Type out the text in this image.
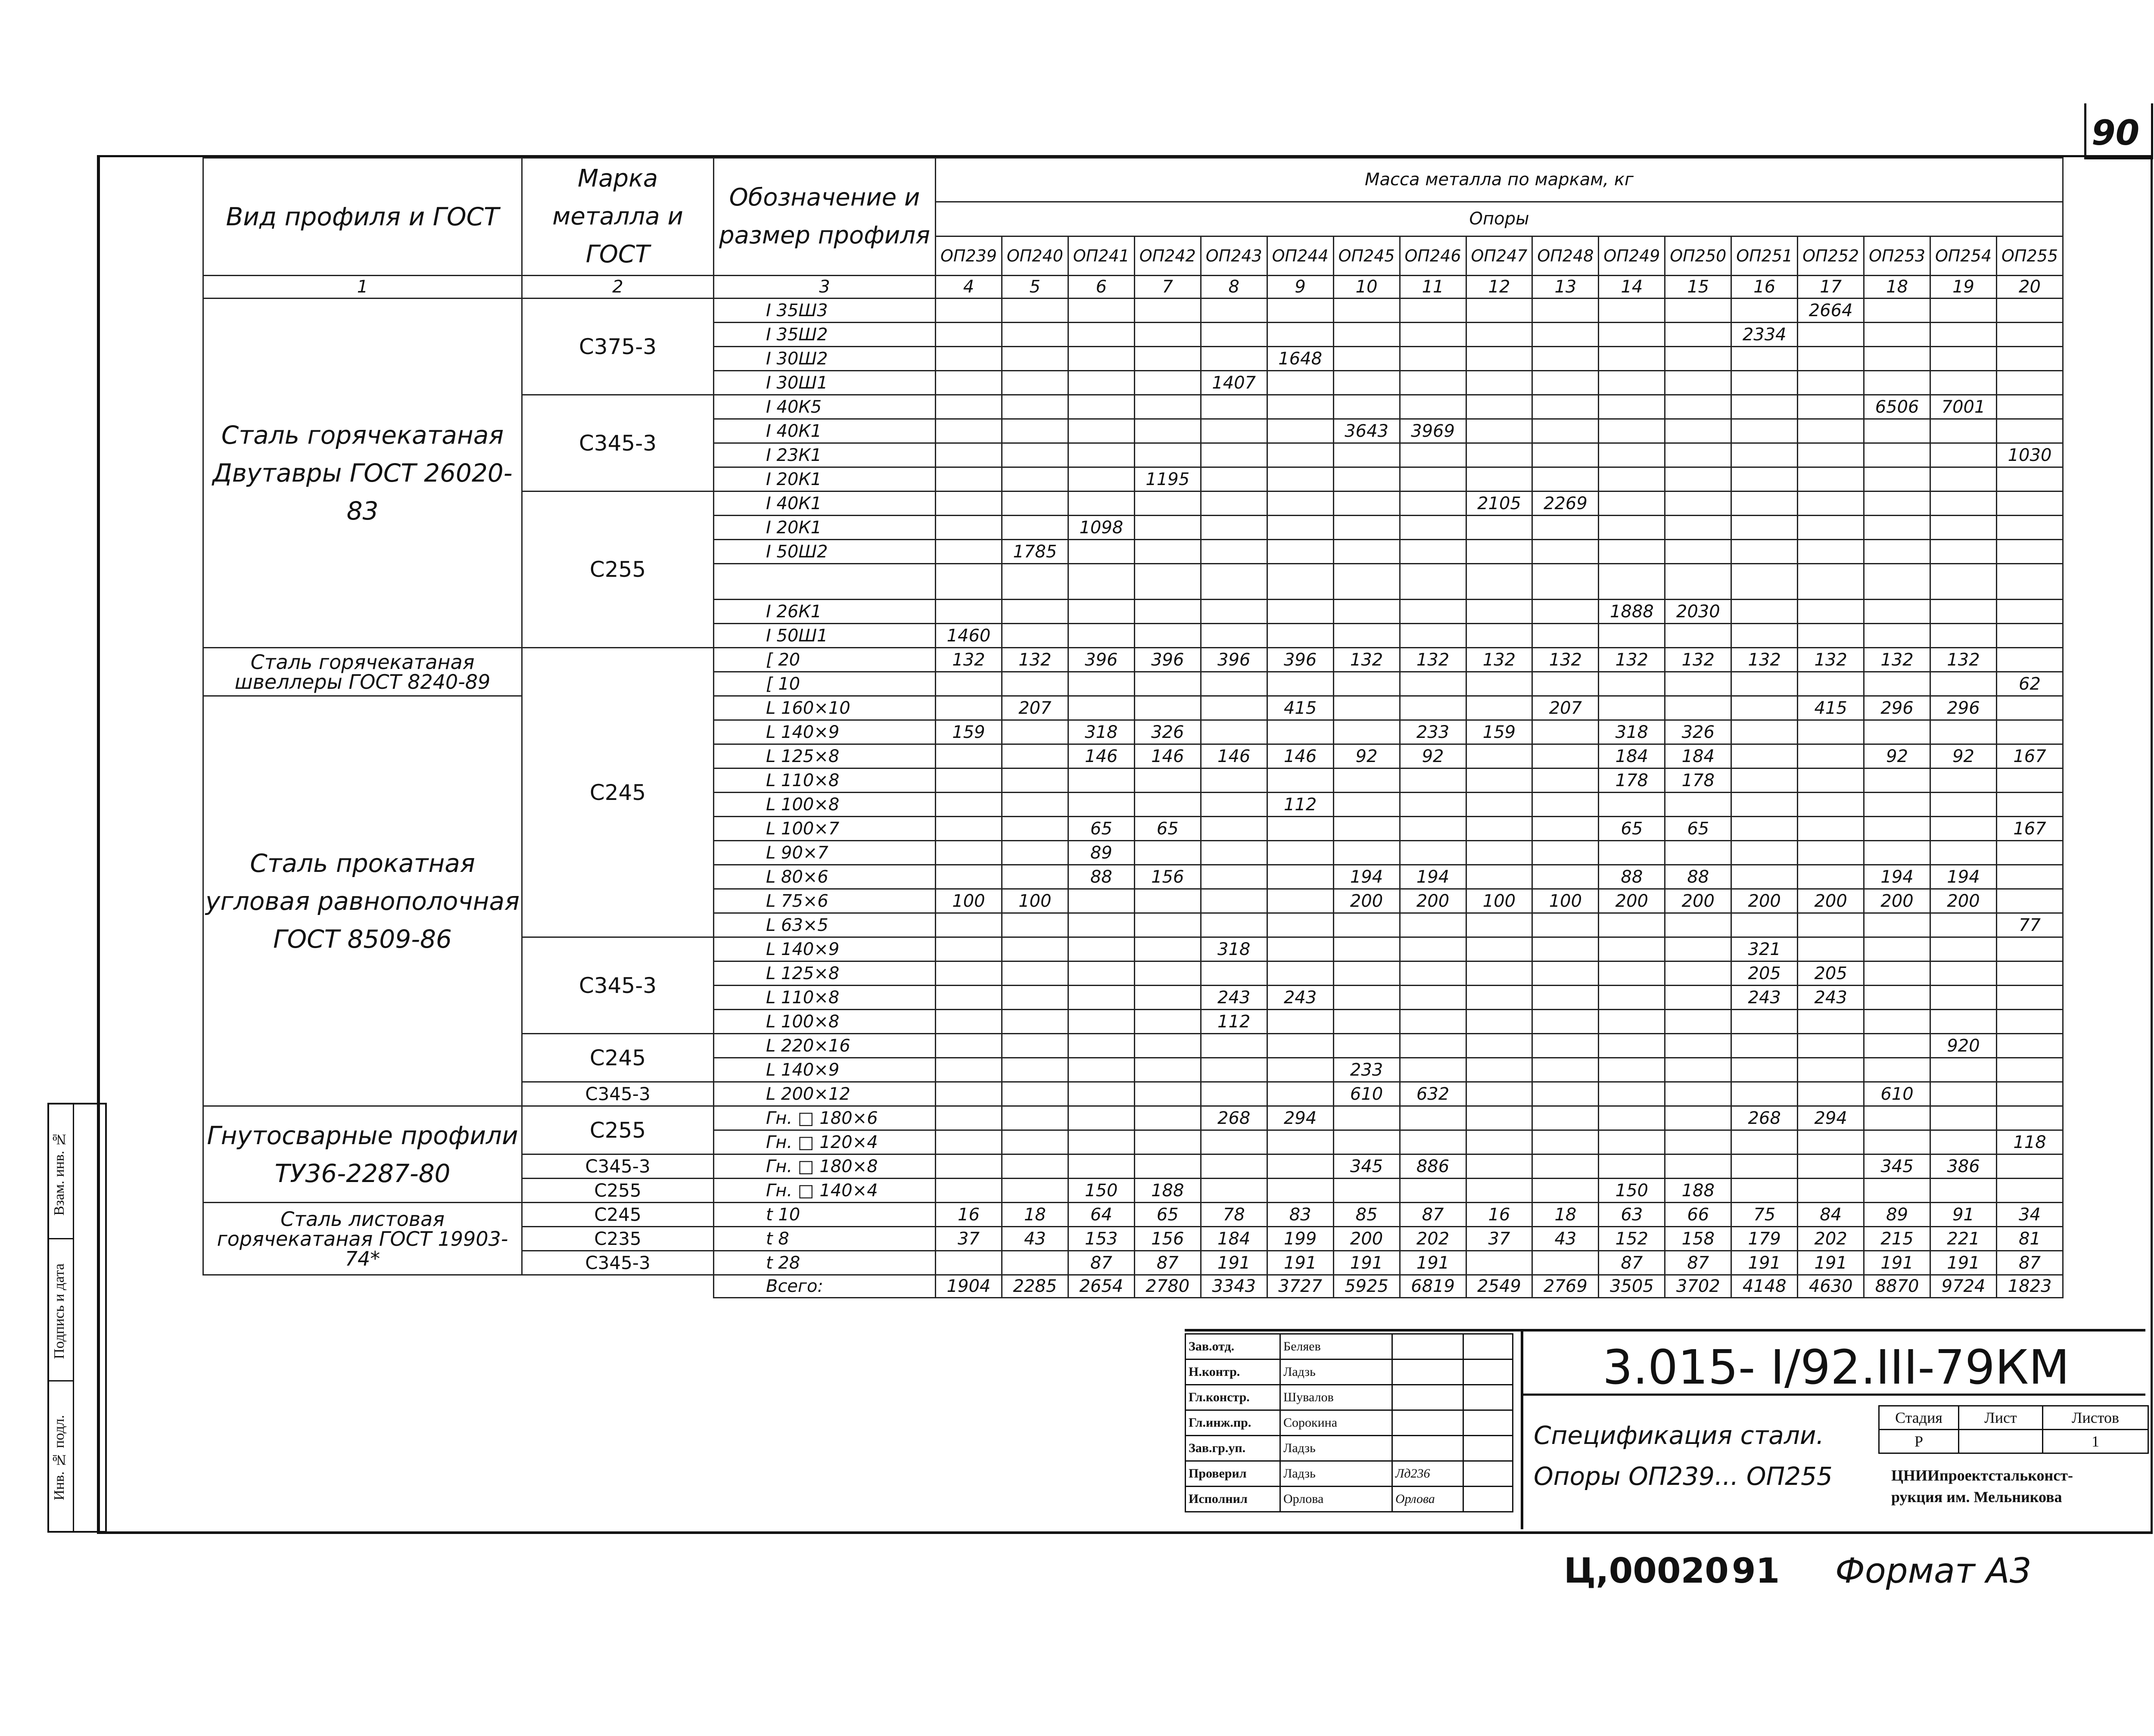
90
Вид профиля и ГОСТ	Марка металла и ГОСТ	Обозначение и размер профиля	Масса металла по маркам, кг																
			Опоры																
			ОП239	ОП240	ОП241	ОП242	ОП243	ОП244	ОП245	ОП246	ОП247	ОП248	ОП249	ОП250	ОП251	ОП252	ОП253	ОП254	ОП255
1	2	3	4	5	6	7	8	9	10	11	12	13	14	15	16	17	18	19	20
Сталь горячекатаная Двутавры ГОСТ 26020-83	С375-3	I 35Ш3														2664			
		I 35Ш2													2334				
		I 30Ш2						1648											
		I 30Ш1					1407												
	С345-3	I 40К5															6506	7001	
		I 40К1							3643	3969									
		I 23К1																	1030
		I 20К1				1195													
	С255	I 40К1									2105	2269							
		I 20К1			1098														
		I 50Ш2		1785															

		I 26К1											1888	2030					
		I 50Ш1	1460																
Сталь горячекатаная швеллеры ГОСТ 8240-89	С245	[ 20	132	132	396	396	396	396	132	132	132	132	132	132	132	132	132	132	
		[ 10																	62
Сталь прокатная угловая равнополочная ГОСТ 8509-86		L 160×10		207				415				207				415	296	296	
		L 140×9	159		318	326				233	159		318	326					
		L 125×8			146	146	146	146	92	92			184	184			92	92	167
		L 110×8											178	178					
		L 100×8						112											
		L 100×7			65	65							65	65					167
		L 90×7			89														
		L 80×6			88	156			194	194			88	88			194	194	
		L 75×6	100	100					200	200	100	100	200	200	200	200	200	200	
		L 63×5																	77
	С345-3	L 140×9					318								321				
		L 125×8													205	205			
		L 110×8					243	243							243	243			
		L 100×8					112												
	С245	L 220×16																920	
		L 140×9							233										
	С345-3	L 200×12							610	632							610		
Гнутосварные профили ТУ36-2287-80	С255	Гн. □ 180×6					268	294							268	294			
		Гн. □ 120×4																	118
	С345-3	Гн. □ 180×8							345	886							345	386	
	С255	Гн. □ 140×4			150	188							150	188					
Сталь листовая горячекатаная ГОСТ 19903-74*	С245	t 10	16	18	64	65	78	83	85	87	16	18	63	66	75	84	89	91	34
	С235	t 8	37	43	153	156	184	199	200	202	37	43	152	158	179	202	215	221	81
	С345-3	t 28			87	87	191	191	191	191			87	87	191	191	191	191	87
		Всего:	1904	2285	2654	2780	3343	3727	5925	6819	2549	2769	3505	3702	4148	4630	8870	9724	1823
Взам. инв. №
Подпись и дата
Инв. № подл.
Зав.отд.	Беляев		
Н.контр.	Ладзь		
Гл.констр.	Шувалов		
Гл.инж.пр.	Сорокина		
Зав.гр.уп.	Ладзь		
Проверил	Ладзь	Лд236	
Исполнил	Орлова	Орлова	
3.015- I/92.III-79КМ
Спецификация стали.
Опоры ОП239... ОП255
Стадия	Лист	Листов
Р		1
ЦНИИпроектстальконст-
рукция им. Мельникова
Ц,00020 91 Формат А3
